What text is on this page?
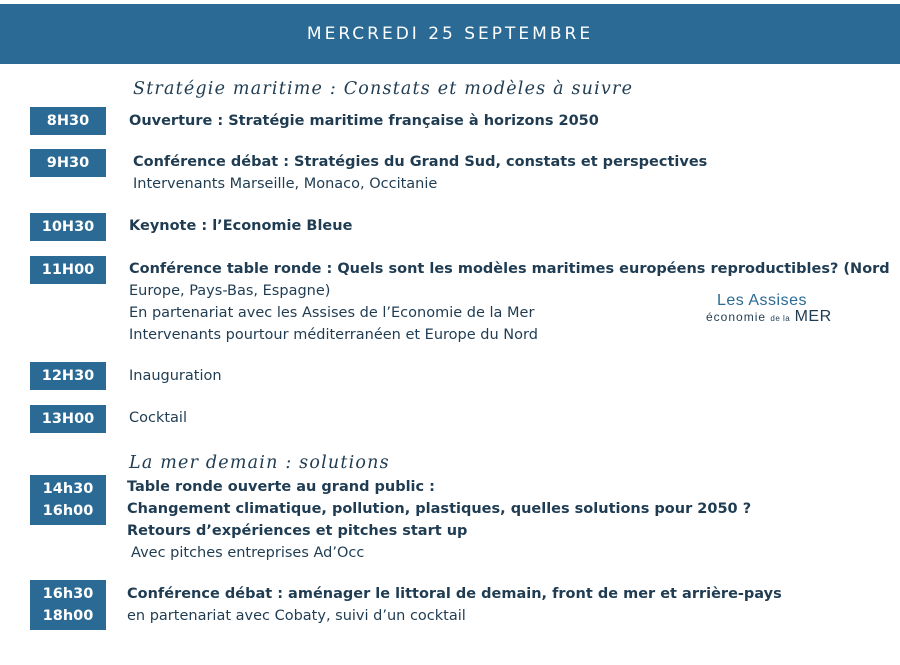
MERCREDI 25 SEPTEMBRE
Stratégie maritime : Constats et modèles à suivre
8H30	Ouverture : Stratégie maritime française à horizons 2050
9H30	Conférence débat : Stratégies du Grand Sud, constats et perspectives
Intervenants Marseille, Monaco, Occitanie
10H30 Keynote : l’Economie Bleue
11H00 Conférence table ronde : Quels sont les modèles maritimes européens reproductibles? (Nord
Europe, Pays-Bas, Espagne)
En partenariat avec les Assises de l’Economie de la Mer
Intervenants pourtour méditerranéen et Europe du Nord
Les Assises
économie de la MER
12H30 Inauguration
13H00 Cocktail
La mer demain : solutions
14h30
16h00
Table ronde ouverte au grand public :
Changement climatique, pollution, plastiques, quelles solutions pour 2050 ?
Retours d’expériences et pitches start up
Avec pitches entreprises Ad’Occ
16h30
18h00
Conférence débat : aménager le littoral de demain, front de mer et arrière-pays
en partenariat avec Cobaty, suivi d’un cocktail
